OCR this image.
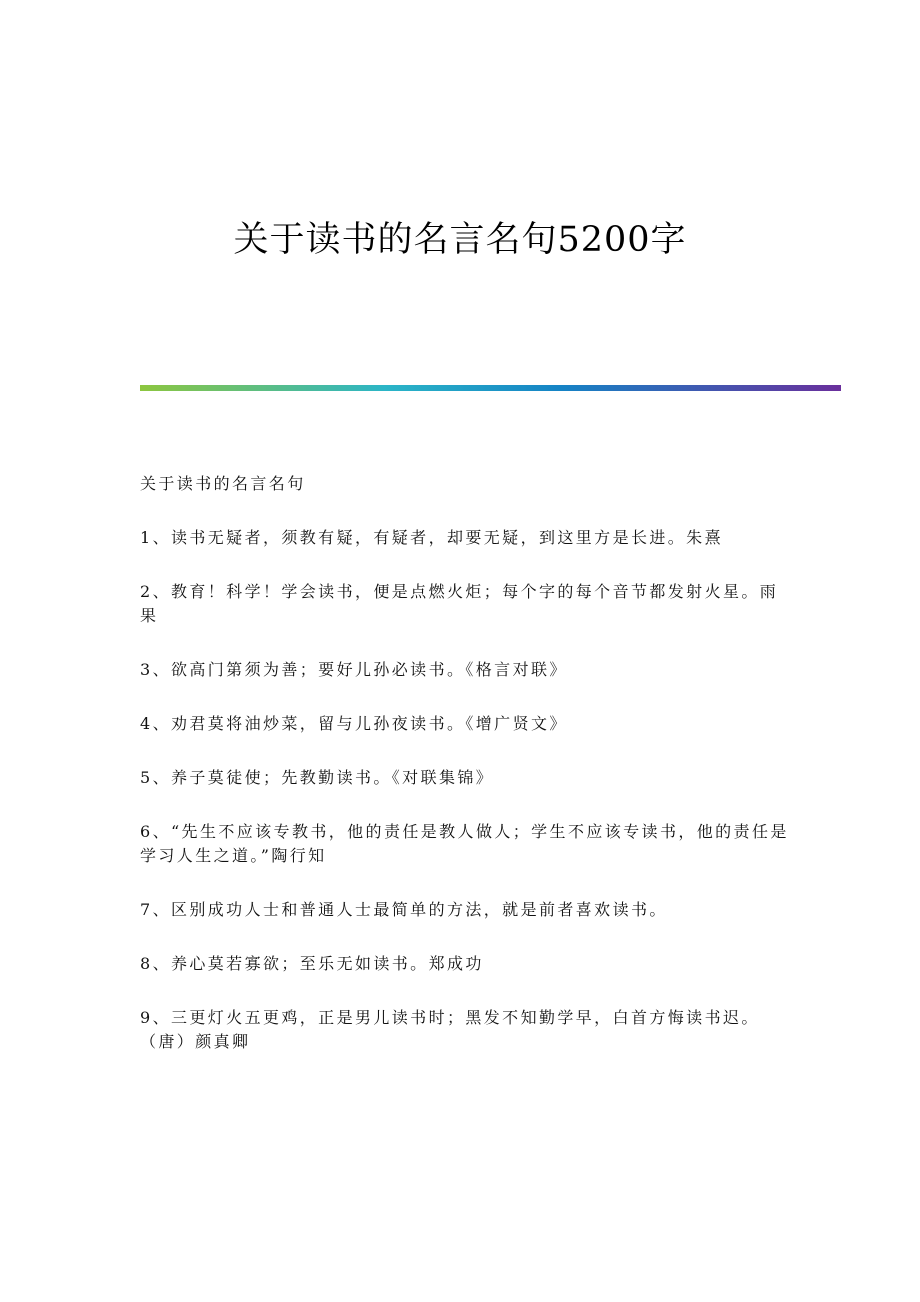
关于读书的名言名句5200字

关于读书的名言名句

1、读书无疑者，须教有疑，有疑者，却要无疑，到这里方是长进。朱熹

2、教育！科学！学会读书，便是点燃火炬；每个字的每个音节都发射火星。雨果

3、欲高门第须为善；要好儿孙必读书。《格言对联》

4、劝君莫将油炒菜，留与儿孙夜读书。《增广贤文》

5、养子莫徒使；先教勤读书。《对联集锦》

6、“先生不应该专教书，他的责任是教人做人；学生不应该专读书，他的责任是学习人生之道。”陶行知

7、区别成功人士和普通人士最简单的方法，就是前者喜欢读书。

8、养心莫若寡欲；至乐无如读书。郑成功

9、三更灯火五更鸡，正是男儿读书时；黑发不知勤学早，白首方悔读书迟。（唐）颜真卿
